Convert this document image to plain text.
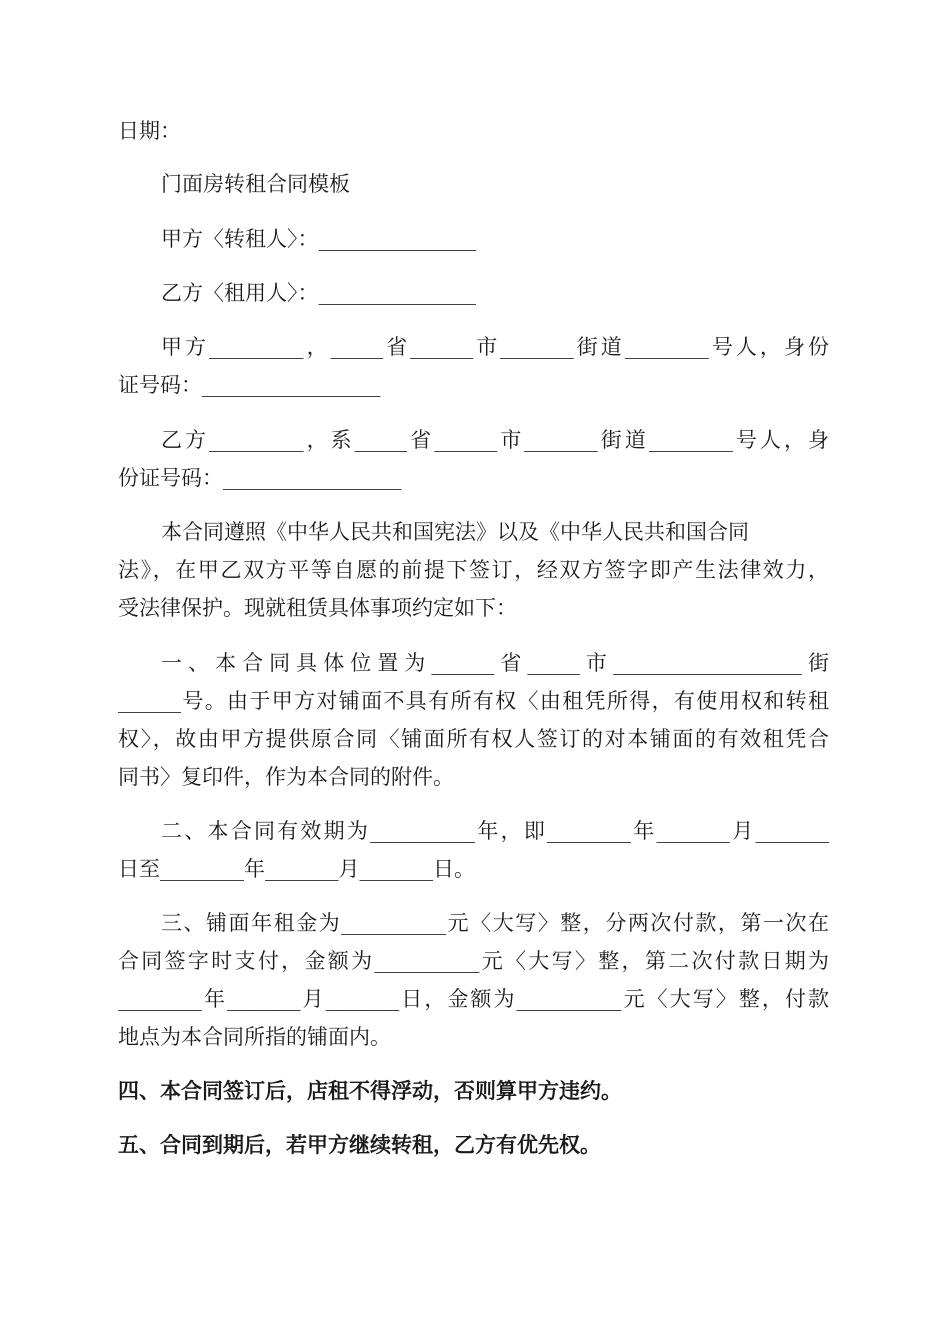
日期：
门面房转租合同模板
甲方〈转租人〉：_______________
乙方〈租用人〉：_______________
甲方_________，_____省______市_______街道________号人，身份
证号码：_________________
乙方_________，系_____省______市_______街道________号人，身
份证号码：_________________
本合同遵照《中华人民共和国宪法》以及《中华人民共和国合同
法》，在甲乙双方平等自愿的前提下签订，经双方签字即产生法律效力，
受法律保护。现就租赁具体事项约定如下：
一、本合同具体位置为______省_____市__________________街
______号。由于甲方对铺面不具有所有权〈由租凭所得，有使用权和转租
权〉，故由甲方提供原合同〈铺面所有权人签订的对本铺面的有效租凭合
同书〉复印件，作为本合同的附件。
二、本合同有效期为__________年，即________年_______月_______
日至________年_______月_______日。
三、铺面年租金为__________元〈大写〉整，分两次付款，第一次在
合同签字时支付，金额为__________元〈大写〉整，第二次付款日期为
________年_______月_______日，金额为__________元〈大写〉整，付款
地点为本合同所指的铺面内。
四、本合同签订后，店租不得浮动，否则算甲方违约。
五、合同到期后，若甲方继续转租，乙方有优先权。
